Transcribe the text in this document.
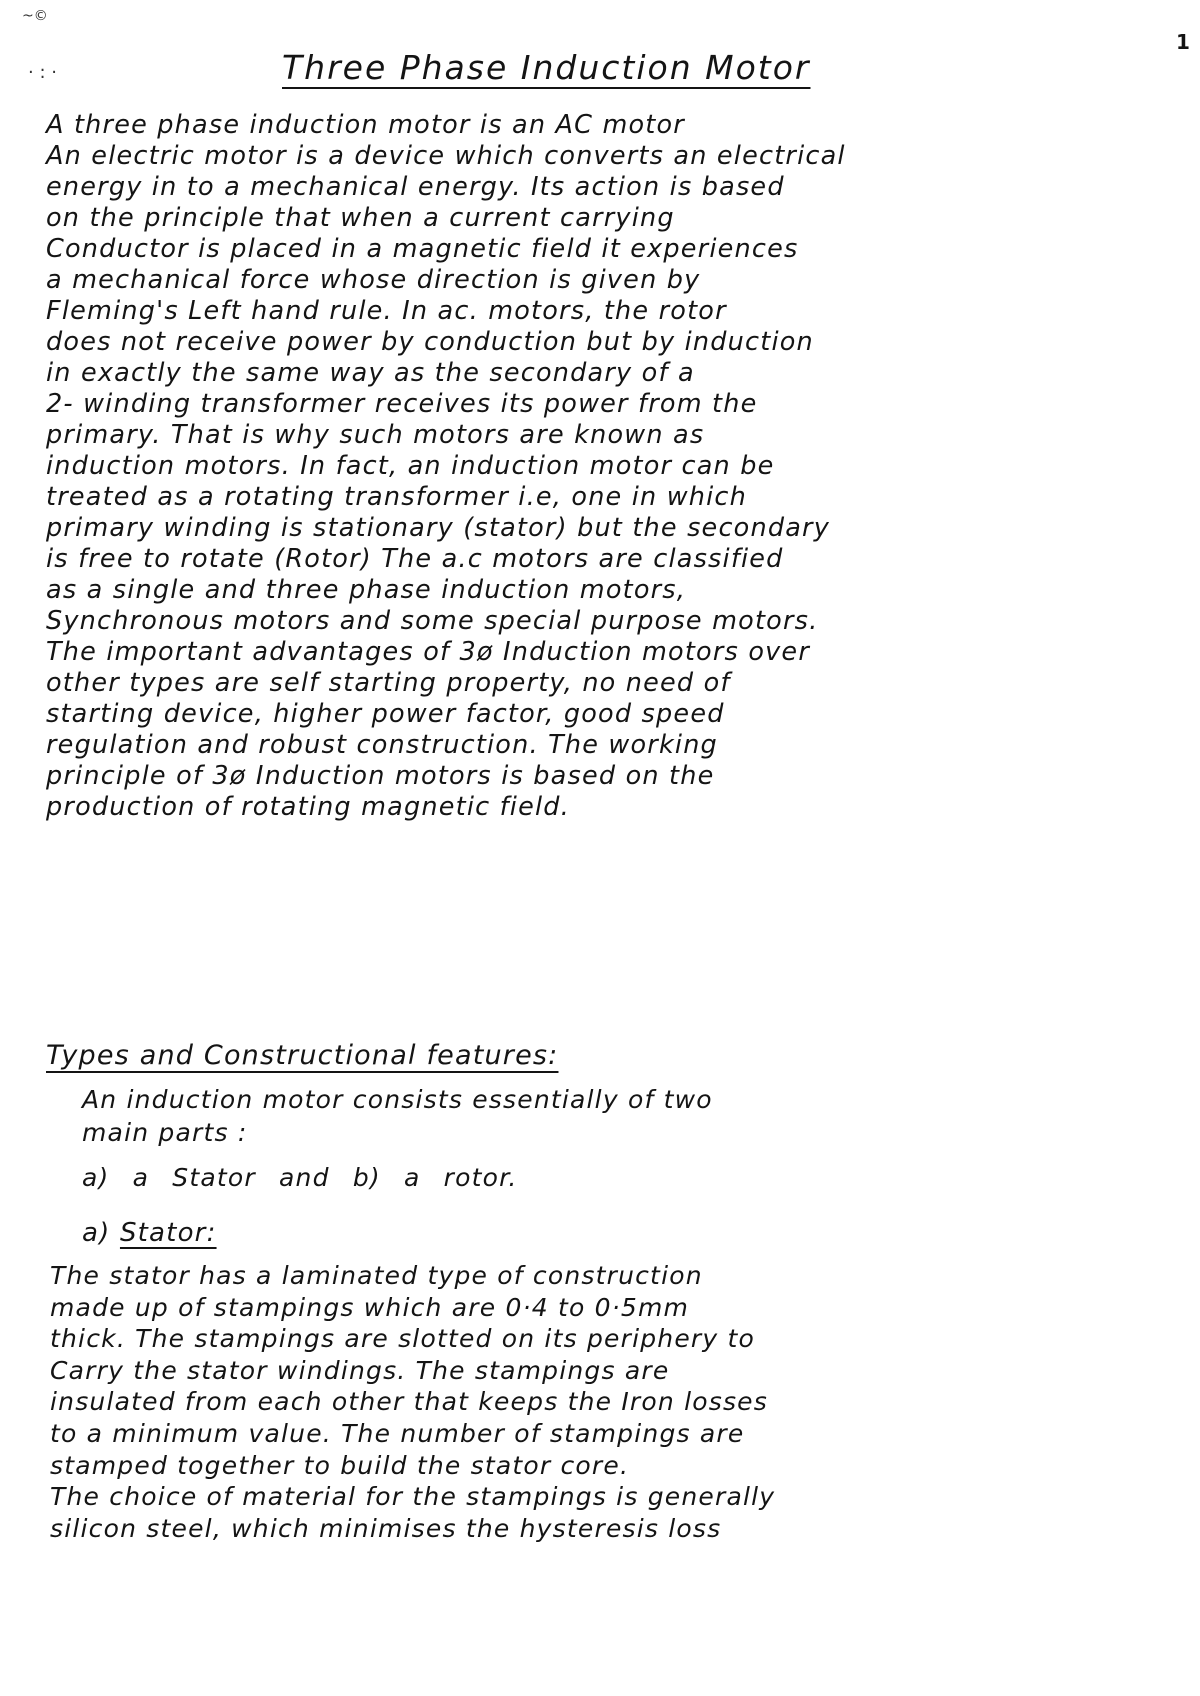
~©
· : ·
1
Three Phase Induction Motor
A three phase induction motor is an AC motor
An electric motor is a device which converts an electrical
energy in to a mechanical energy. Its action is based
on the principle that when a current carrying
Conductor is placed in a magnetic field it experiences
a mechanical force whose direction is given by
Fleming's Left hand rule. In ac. motors, the rotor
does not receive power by conduction but by induction
in exactly the same way as the secondary of a
2- winding transformer receives its power from the
primary. That is why such motors are known as
induction motors. In fact, an induction motor can be
treated as a rotating transformer i.e, one in which
primary winding is stationary (stator) but the secondary
is free to rotate (Rotor) The a.c motors are classified
as a single and three phase induction motors,
Synchronous motors and some special purpose motors.
The important advantages of 3ø Induction motors over
other types are self starting property, no need of
starting device, higher power factor, good speed
regulation and robust construction. The working
principle of 3ø Induction motors is based on the
production of rotating magnetic field.
Types and Constructional features:
An induction motor consists essentially of two
main parts :
a) a Stator and b) a rotor.
a) Stator:
The stator has a laminated type of construction
made up of stampings which are 0·4 to 0·5mm
thick. The stampings are slotted on its periphery to
Carry the stator windings. The stampings are
insulated from each other that keeps the Iron losses
to a minimum value. The number of stampings are
stamped together to build the stator core.
The choice of material for the stampings is generally
silicon steel, which minimises the hysteresis loss
